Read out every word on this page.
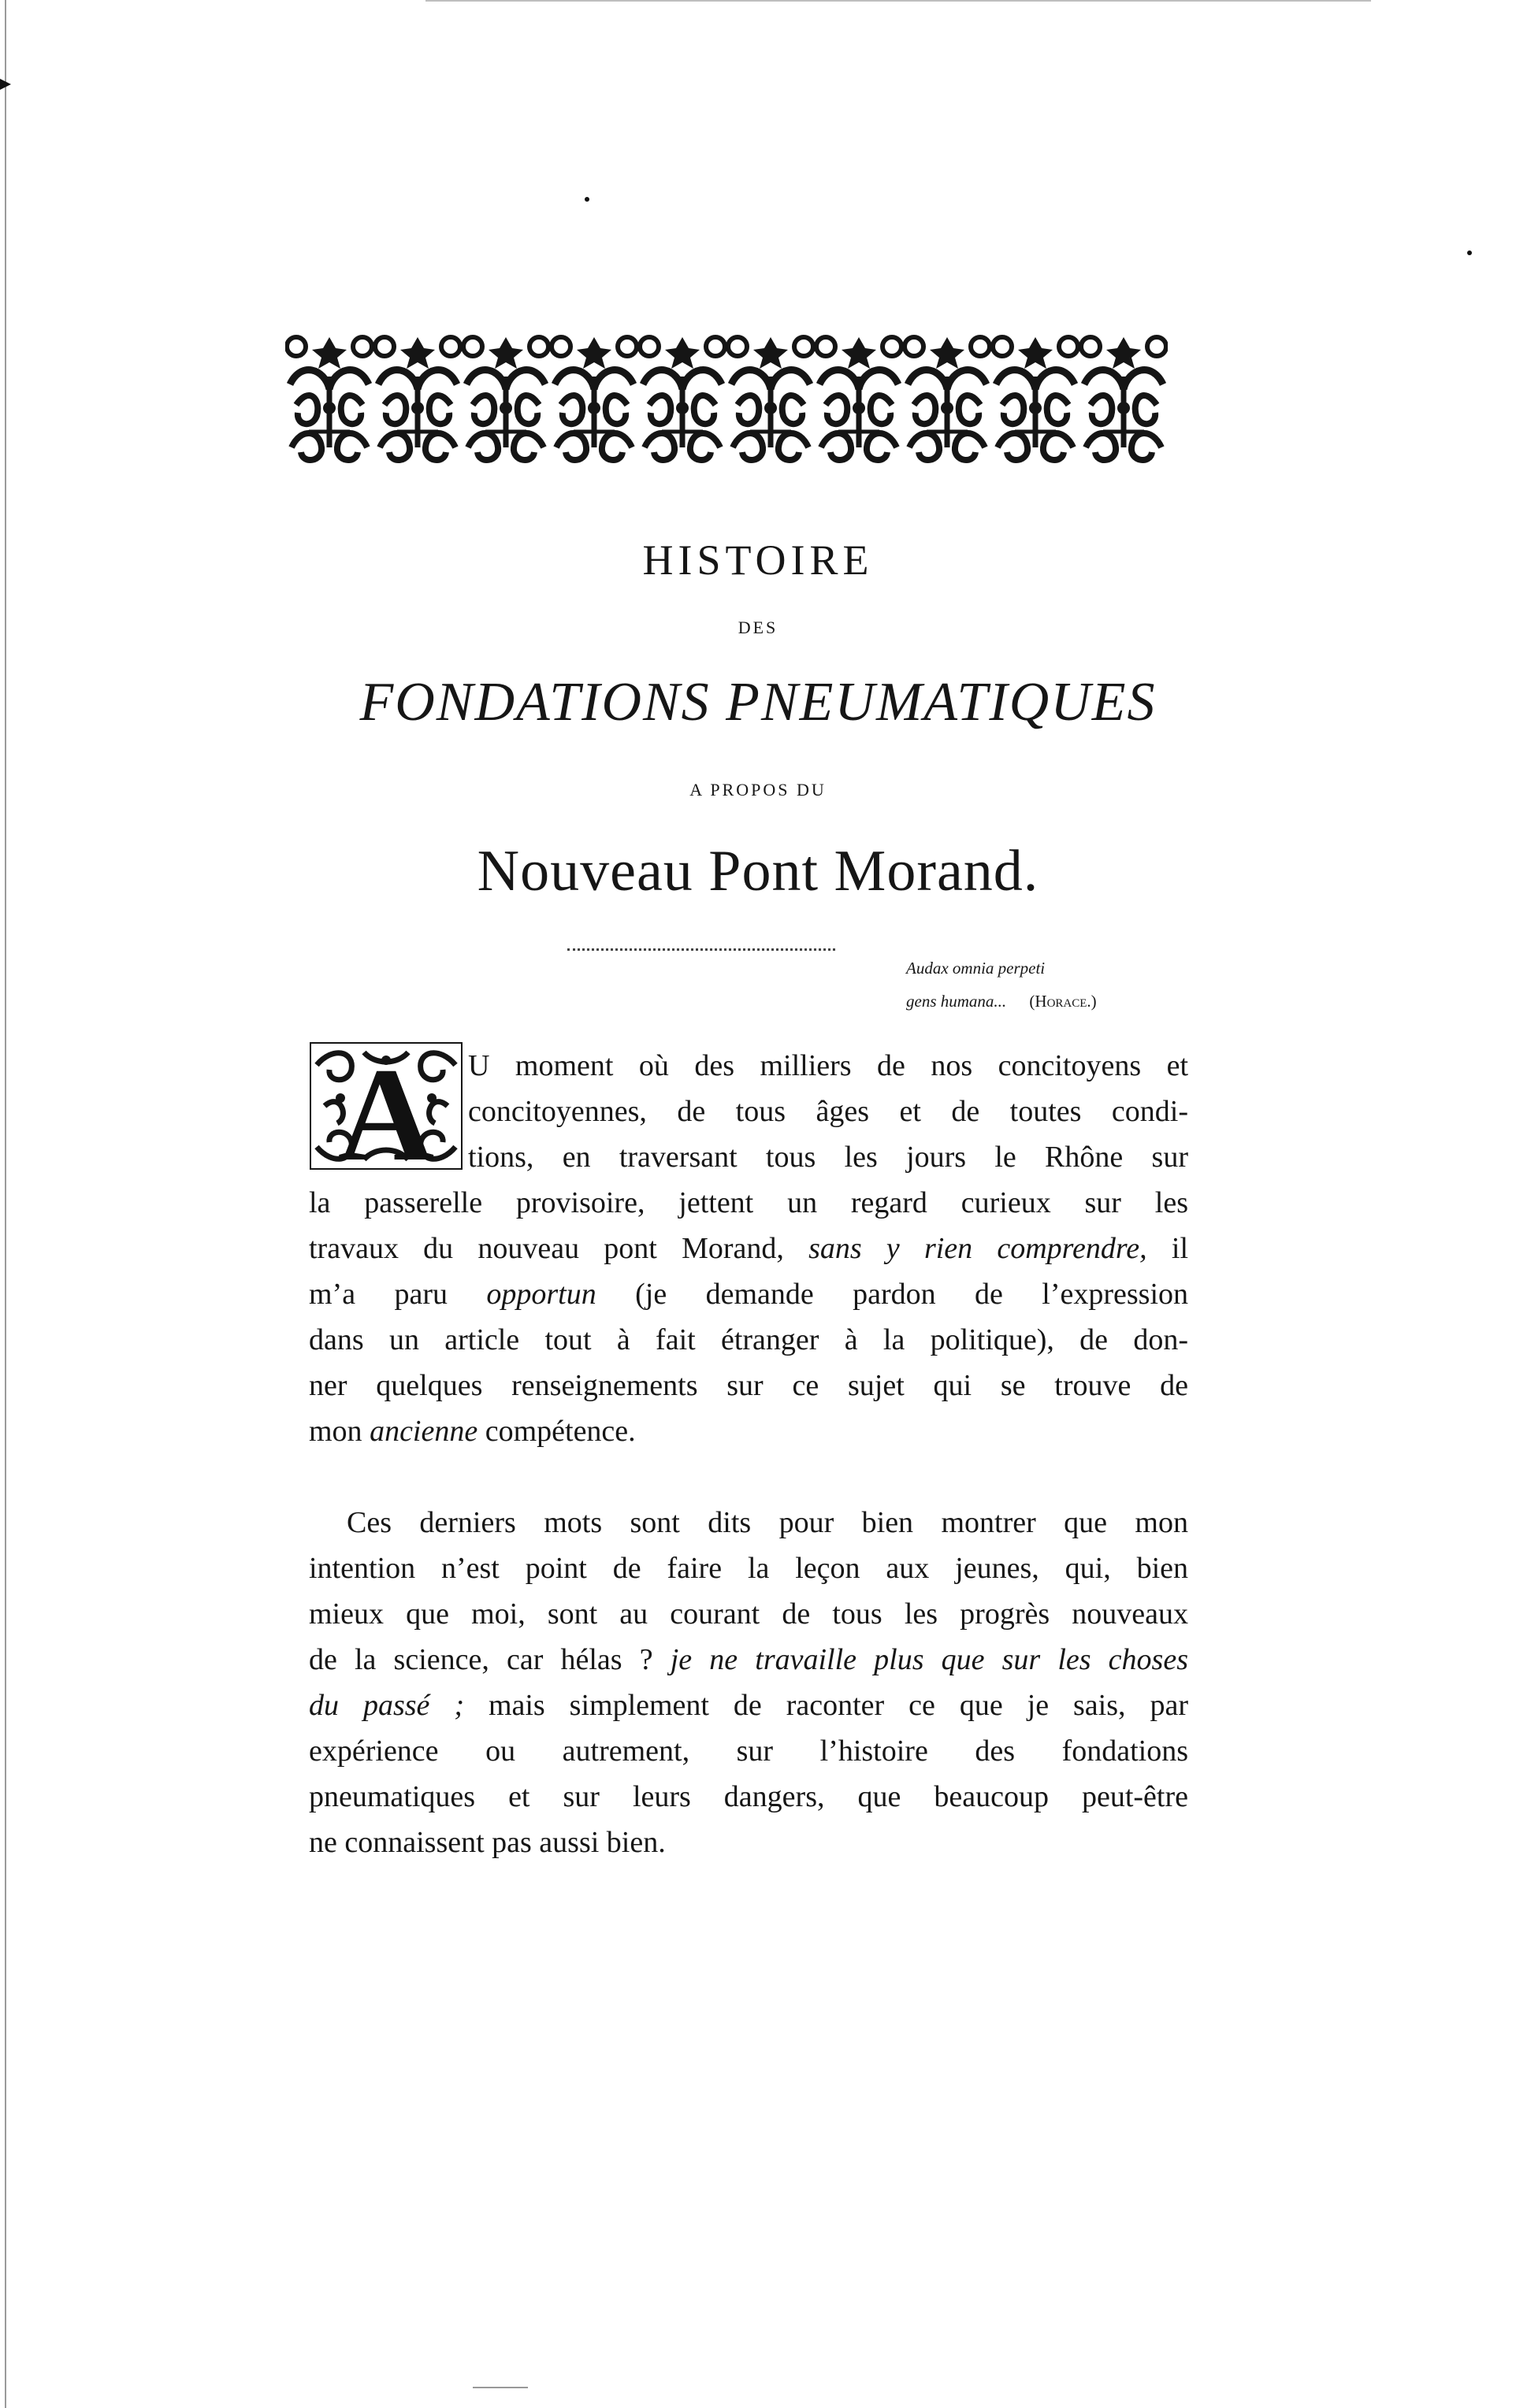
HISTOIRE
DES
FONDATIONS PNEUMATIQUES
A PROPOS DU
Nouveau Pont Morand.
Audax omnia perpeti
gens humana... (Horace.)
A	U moment où des milliers de nos concitoyens et
concitoyennes, de tous âges et de toutes condi-
tions, en traversant tous les jours le Rhône sur
la passerelle provisoire, jettent un regard curieux sur les
travaux du nouveau pont Morand, sans y rien comprendre, il
m’a paru opportun (je demande pardon de l’expression
dans un article tout à fait étranger à la politique), de don-
ner quelques renseignements sur ce sujet qui se trouve de
mon ancienne compétence.
Ces derniers mots sont dits pour bien montrer que mon
intention n’est point de faire la leçon aux jeunes, qui, bien
mieux que moi, sont au courant de tous les progrès nouveaux
de la science, car hélas ? je ne travaille plus que sur les choses
du passé ; mais simplement de raconter ce que je sais, par
expérience ou autrement, sur l’histoire des fondations
pneumatiques et sur leurs dangers, que beaucoup peut-être
ne connaissent pas aussi bien.
